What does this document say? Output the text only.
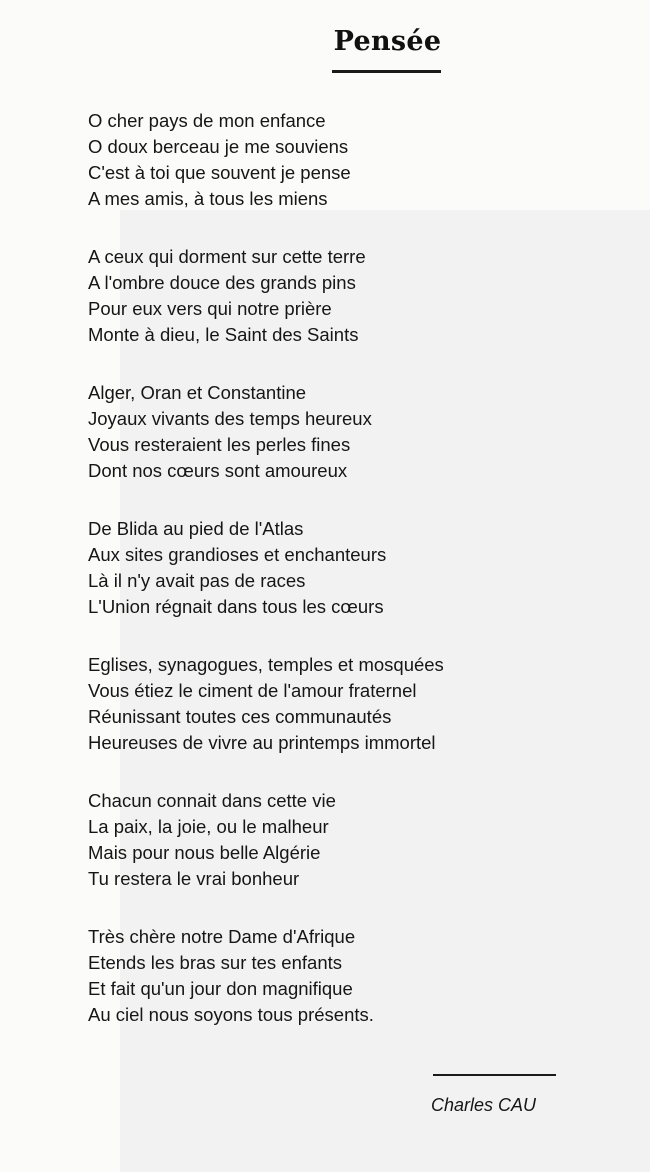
Pensée
O cher pays de mon enfance
O doux berceau je me souviens
C'est à toi que souvent je pense
A mes amis, à tous les miens
A ceux qui dorment sur cette terre
A l'ombre douce des grands pins
Pour eux vers qui notre prière
Monte à dieu, le Saint des Saints
Alger, Oran et Constantine
Joyaux vivants des temps heureux
Vous resteraient les perles fines
Dont nos cœurs sont amoureux
De Blida au pied de l'Atlas
Aux sites grandioses et enchanteurs
Là il n'y avait pas de races
L'Union régnait dans tous les cœurs
Eglises, synagogues, temples et mosquées
Vous étiez le ciment de l'amour fraternel
Réunissant toutes ces communautés
Heureuses de vivre au printemps immortel
Chacun connait dans cette vie
La paix, la joie, ou le malheur
Mais pour nous belle Algérie
Tu restera le vrai bonheur
Très chère notre Dame d'Afrique
Etends les bras sur tes enfants
Et fait qu'un jour don magnifique
Au ciel nous soyons tous présents.
Charles CAU
